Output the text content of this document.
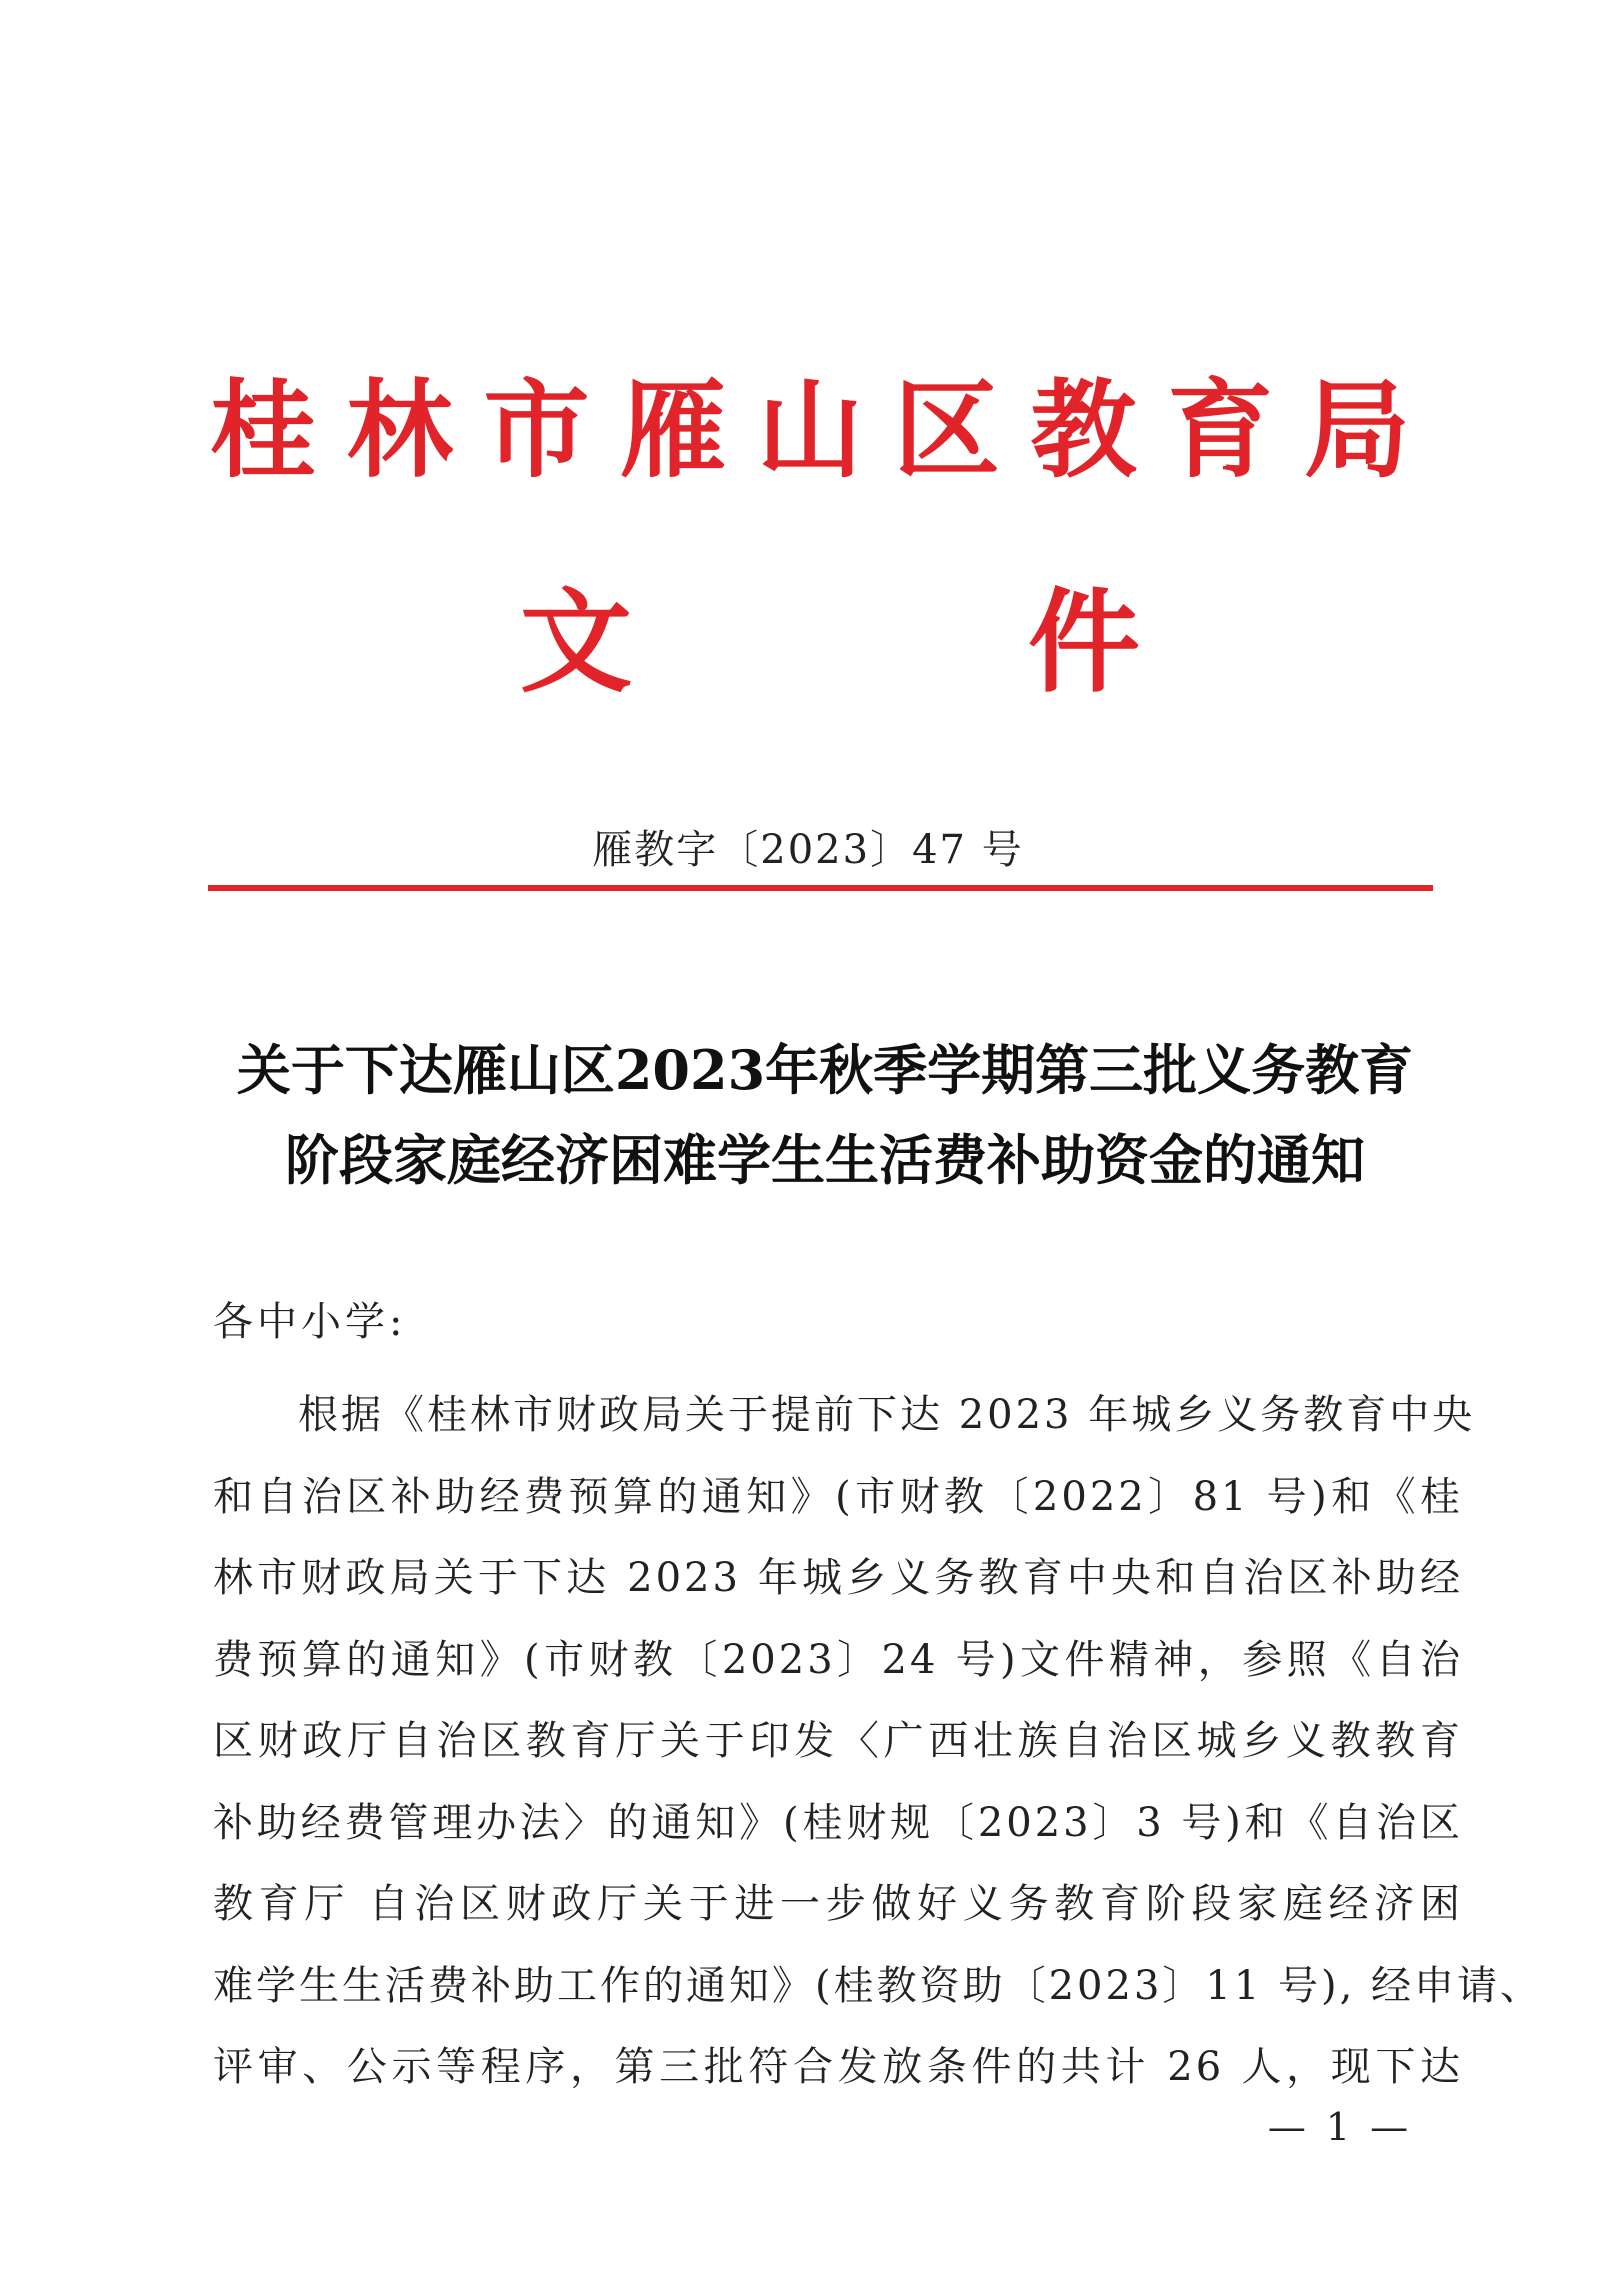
桂 林 市 雁 山 区 教 育 局
文	件
雁教字〔2023〕47 号
关于下达雁山区2023年秋季学期第三批义务教育
阶段家庭经济困难学生生活费补助资金的通知
各中小学:
根据《桂林市财政局关于提前下达 2023 年城乡义务教育中央
和自治区补助经费预算的通知》(市财教〔2022〕81 号)和《桂
林市财政局关于下达 2023 年城乡义务教育中央和自治区补助经
费预算的通知》(市财教〔2023〕24 号)文件精神，参照《自治
区财政厅自治区教育厅关于印发〈广西壮族自治区城乡义教教育
补助经费管理办法〉的通知》(桂财规〔2023〕3 号)和《自治区
教育厅 自治区财政厅关于进一步做好义务教育阶段家庭经济困
难学生生活费补助工作的通知》(桂教资助〔2023〕11 号), 经申请、
评审、公示等程序，第三批符合发放条件的共计 26 人，现下达
— 1 —
